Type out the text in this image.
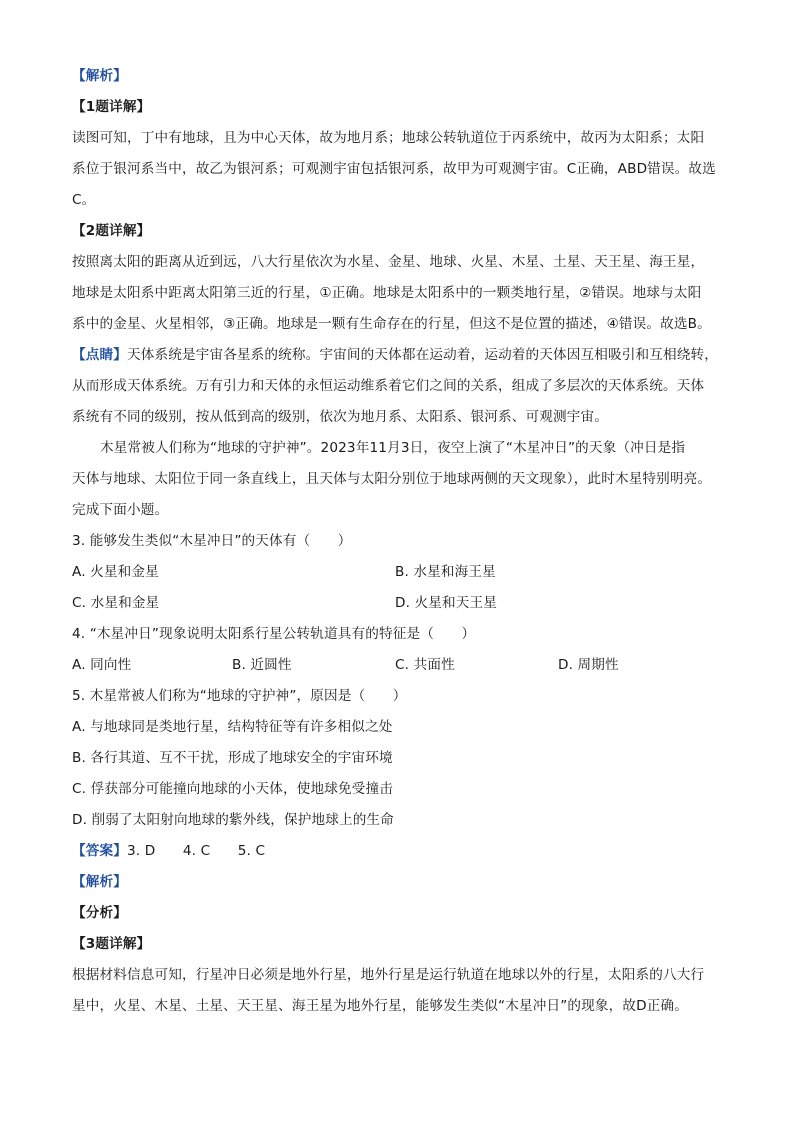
【解析】
【1题详解】
读图可知，丁中有地球，且为中心天体，故为地月系；地球公转轨道位于丙系统中，故丙为太阳系；太阳
系位于银河系当中，故乙为银河系；可观测宇宙包括银河系，故甲为可观测宇宙。C正确，ABD错误。故选
C。
【2题详解】
按照离太阳的距离从近到远，八大行星依次为水星、金星、地球、火星、木星、土星、天王星、海王星，
地球是太阳系中距离太阳第三近的行星，①正确。地球是太阳系中的一颗类地行星，②错误。地球与太阳
系中的金星、火星相邻，③正确。地球是一颗有生命存在的行星，但这不是位置的描述，④错误。故选B。
【点睛】天体系统是宇宙各星系的统称。宇宙间的天体都在运动着，运动着的天体因互相吸引和互相绕转，
从而形成天体系统。万有引力和天体的永恒运动维系着它们之间的关系，组成了多层次的天体系统。天体
系统有不同的级别，按从低到高的级别，依次为地月系、太阳系、银河系、可观测宇宙。
木星常被人们称为“地球的守护神”。2023年11月3日，夜空上演了“木星冲日”的天象（冲日是指
天体与地球、太阳位于同一条直线上，且天体与太阳分别位于地球两侧的天文现象），此时木星特别明亮。
完成下面小题。
3. 能够发生类似“木星冲日”的天体有（　　）
A. 火星和金星	B. 水星和海王星
C. 水星和金星	D. 火星和天王星
4. “木星冲日”现象说明太阳系行星公转轨道具有的特征是（　　）
A. 同向性	B. 近圆性	C. 共面性	D. 周期性
5. 木星常被人们称为“地球的守护神”，原因是（　　）
A. 与地球同是类地行星，结构特征等有许多相似之处
B. 各行其道、互不干扰，形成了地球安全的宇宙环境
C. 俘获部分可能撞向地球的小天体，使地球免受撞击
D. 削弱了太阳射向地球的紫外线，保护地球上的生命
【答案】3. D　　4. C　　5. C
【解析】
【分析】
【3题详解】
根据材料信息可知，行星冲日必须是地外行星，地外行星是运行轨道在地球以外的行星，太阳系的八大行
星中，火星、木星、土星、天王星、海王星为地外行星，能够发生类似“木星冲日”的现象，故D正确。
